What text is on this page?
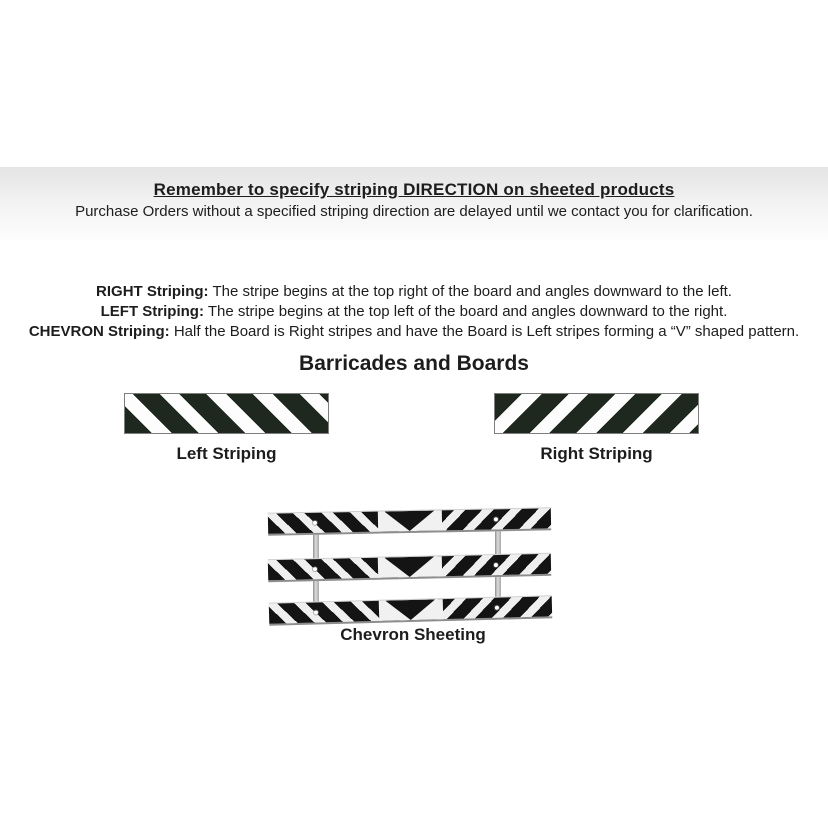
Remember to specify striping DIRECTION on sheeted products
Purchase Orders without a specified striping direction are delayed until we contact you for clarification.
RIGHT Striping: The stripe begins at the top right of the board and angles downward to the left.
LEFT Striping: The stripe begins at the top left of the board and angles downward to the right.
CHEVRON Striping: Half the Board is Right stripes and have the Board is Left stripes forming a “V” shaped pattern.
Barricades and Boards
Left Striping	Right Striping
Chevron Sheeting
